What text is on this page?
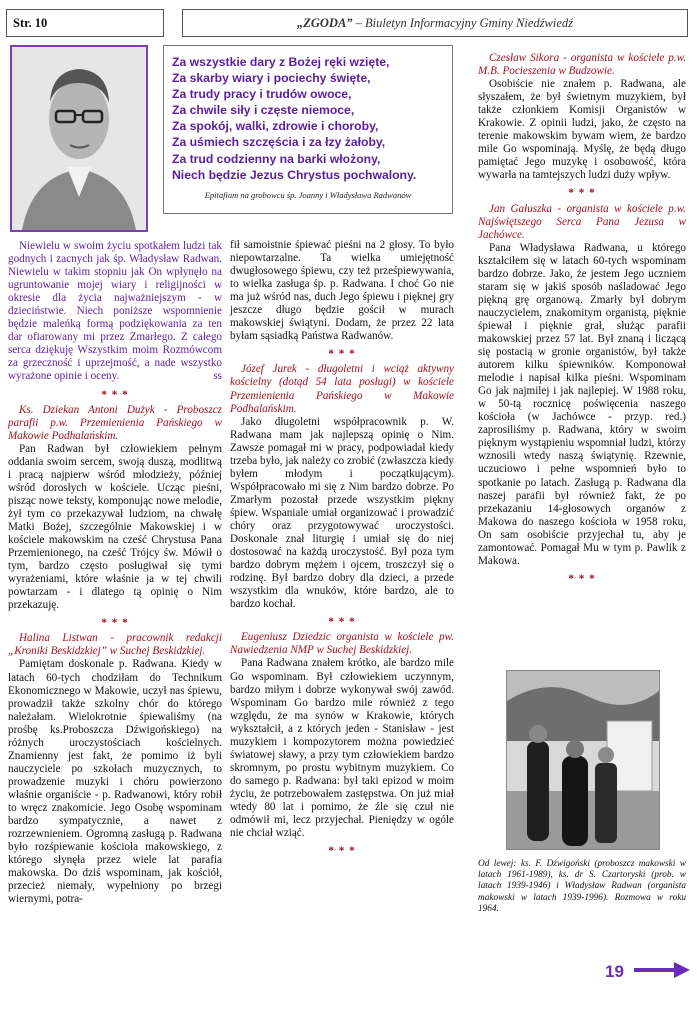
Str. 10	„ZGODA” – Biuletyn Informacyjny Gminy Niedźwiedź
Za wszystkie dary z Bożej ręki wzięte,
Za skarby wiary i pociechy święte,
Za trudy pracy i trudów owoce,
Za chwile siły i częste niemoce,
Za spokój, walki, zdrowie i choroby,
Za uśmiech szczęścia i za łzy żałoby,
Za trud codzienny na barki włożony,
Niech będzie Jezus Chrystus pochwalony.
Epitafium na grobowcu śp. Joanny i Władysława Radwanów

Niewielu w swoim życiu spotkałem ludzi tak godnych i zacnych jak śp. Władysław Radwan. Niewielu w takim stopniu jak On wpłynęło na ugruntowanie mojej wiary i religijności w okresie dla życia najważniejszym - w dzieciństwie. Niech poniższe wspomnienie będzie maleńką formą podziękowania za ten dar ofiarowany mi przez Zmarłego. Z całego serca dziękuję Wszystkim moim Rozmówcom za grzeczność i uprzejmość, a nade wszystko wyrażone opinie i oceny.	ss

* * *

Ks. Dziekan Antoni Dużyk - Proboszcz parafii p.w. Przemienienia Pańskiego w Makowie Podhalańskim.

Pan Radwan był człowiekiem pełnym oddania swoim sercem, swoją duszą, modlitwą i pracą najpierw wśród młodzieży, później wśród dorosłych w kościele. Ucząc pieśni, pisząc nowe teksty, komponując nowe melodie, żył tym co przekazywał ludziom, na chwałę Matki Bożej, szczególnie Makowskiej i w kościele makowskim na cześć Chrystusa Pana Przemienionego, na cześć Trójcy św. Mówił o tym, bardzo często posługiwał się tymi wyrażeniami, które właśnie ja w tej chwili powtarzam - i dlatego tą opinię o Nim przekazuję.

* * *

Halina Listwan - pracownik redakcji „Kroniki Beskidzkiej” w Suchej Beskidzkiej.

Pamiętam doskonale p. Radwana. Kiedy w latach 60-tych chodziłam do Technikum Ekonomicznego w Makowie, uczył nas śpiewu, prowadził także szkolny chór do którego należałam. Wielokrotnie śpiewaliśmy (na prośbę ks.Proboszcza Dźwigońskiego) na różnych uroczystościach kościelnych. Znamienny jest fakt, że pomimo iż byli nauczyciele po szkołach muzycznych, to prowadzenie muzyki i chóru powierzono właśnie organiście - p. Radwanowi, który robił to wręcz znakomicie. Jego Osobę wspominam bardzo sympatycznie, a nawet z rozrzewnieniem. Ogromną zasługą p. Radwana było rozśpiewanie kościoła makowskiego, z którego słynęła przez wiele lat parafia makowska. Do dziś wspominam, jak kościół, przecież niemały, wypełniony po brzegi wiernymi, potra-

fił samoistnie śpiewać pieśni na 2 głosy. To było niepowtarzalne. Ta wielka umiejętność dwugłosowego śpiewu, czy też prześpiewywania, to wielka zasługa śp. p. Radwana. I choć Go nie ma już wśród nas, duch Jego śpiewu i pięknej gry jeszcze długo będzie gościł w murach makowskiej świątyni. Dodam, że przez 22 lata byłam sąsiadką Państwa Radwanów.

* * *

Józef Jurek - długoletni i wciąż aktywny kościelny (dotąd 54 lata posługi) w kościele Przemienienia Pańskiego w Makowie Podhalańskim.

Jako długoletni współpracownik p. W. Radwana mam jak najlepszą opinię o Nim. Zawsze pomagał mi w pracy, podpowiadał kiedy trzeba było, jak należy co zrobić (zwłaszcza kiedy byłem młodym i początkującym). Współpracowało mi się z Nim bardzo dobrze. Po Zmarłym pozostał przede wszystkim piękny śpiew. Wspaniale umiał organizować i prowadzić chóry oraz przygotowywać uroczystości. Doskonale znał liturgię i umiał się do niej dostosować na każdą uroczystość. Był poza tym bardzo dobrym mężem i ojcem, troszczył się o rodzinę. Był bardzo dobry dla dzieci, a przede wszystkim dla wnuków, które bardzo, ale to bardzo kochał.

* * *

Eugeniusz Dziedzic organista w kościele pw. Nawiedzenia NMP w Suchej Beskidzkiej.

Pana Radwana znałem krótko, ale bardzo mile Go wspominam. Był człowiekiem uczynnym, bardzo miłym i dobrze wykonywał swój zawód. Wspominam Go bardzo mile również z tego względu, że ma synów w Krakowie, których wykształcił, a z których jeden - Stanisław - jest muzykiem i kompozytorem można powiedzieć światowej sławy, a przy tym człowiekiem bardzo skromnym, po prostu wybitnym muzykiem. Co do samego p. Radwana: był taki epizod w moim życiu, że potrzebowałem zastępstwa. On już miał wtedy 80 lat i pomimo, że źle się czuł nie odmówił mi, lecz przyjechał. Pieniędzy w ogóle nie chciał wziąć.

* * *

Czesław Sikora - organista w kościele p.w. M.B. Pocieszenia w Budzowie.

Osobiście nie znałem p. Radwana, ale słyszałem, że był świetnym muzykiem, był także członkiem Komisji Organistów w Krakowie. Z opinii ludzi, jako, że często na terenie makowskim bywam wiem, że bardzo mile Go wspominają. Myślę, że będą długo pamiętać Jego muzykę i osobowość, która wywarła na tamtejszych ludzi duży wpływ.

* * *

Jan Gałuszka - organista w kościele p.w. Najświętszego Serca Pana Jezusa w Jachówce.

Pana Władysława Radwana, u którego kształciłem się w latach 60-tych wspominam bardzo dobrze. Jako, że jestem Jego uczniem staram się w jakiś sposób naśladować Jego piękną grę organową. Zmarły był dobrym nauczycielem, znakomitym organistą, pięknie śpiewał i pięknie grał, służąc parafii makowskiej przez 57 lat. Był znaną i liczącą się postacią w gronie organistów, był także autorem kilku śpiewników. Komponował melodie i napisał kilka pieśni. Wspominam Go jak najmilej i jak najlepiej. W 1988 roku, w 50-tą rocznicę poświęcenia naszego kościoła (w Jachówce - przyp. red.) zaprosiliśmy p. Radwana, który w swoim pięknym wystąpieniu wspomniał ludzi, którzy wznosili wtedy naszą świątynię. Rzewnie, uczuciowo i pełne wspomnień było to spotkanie po latach. Zasługą p. Radwana dla naszej parafii był również fakt, że po przekazaniu 14-głosowych organów z Makowa do naszego kościoła w 1958 roku, On sam osobiście przyjechał tu, aby je zamontować. Pomagał Mu w tym p. Pawlik z Makowa.

* * *
Od lewej: ks. F. Dźwigoński (proboszcz makowski w latach 1961-1989), ks. dr S. Czartoryski (prob. w latach 1939-1946) i Władysław Radwan (organista makowski w latach 1939-1996). Rozmowa w roku 1964.
19
